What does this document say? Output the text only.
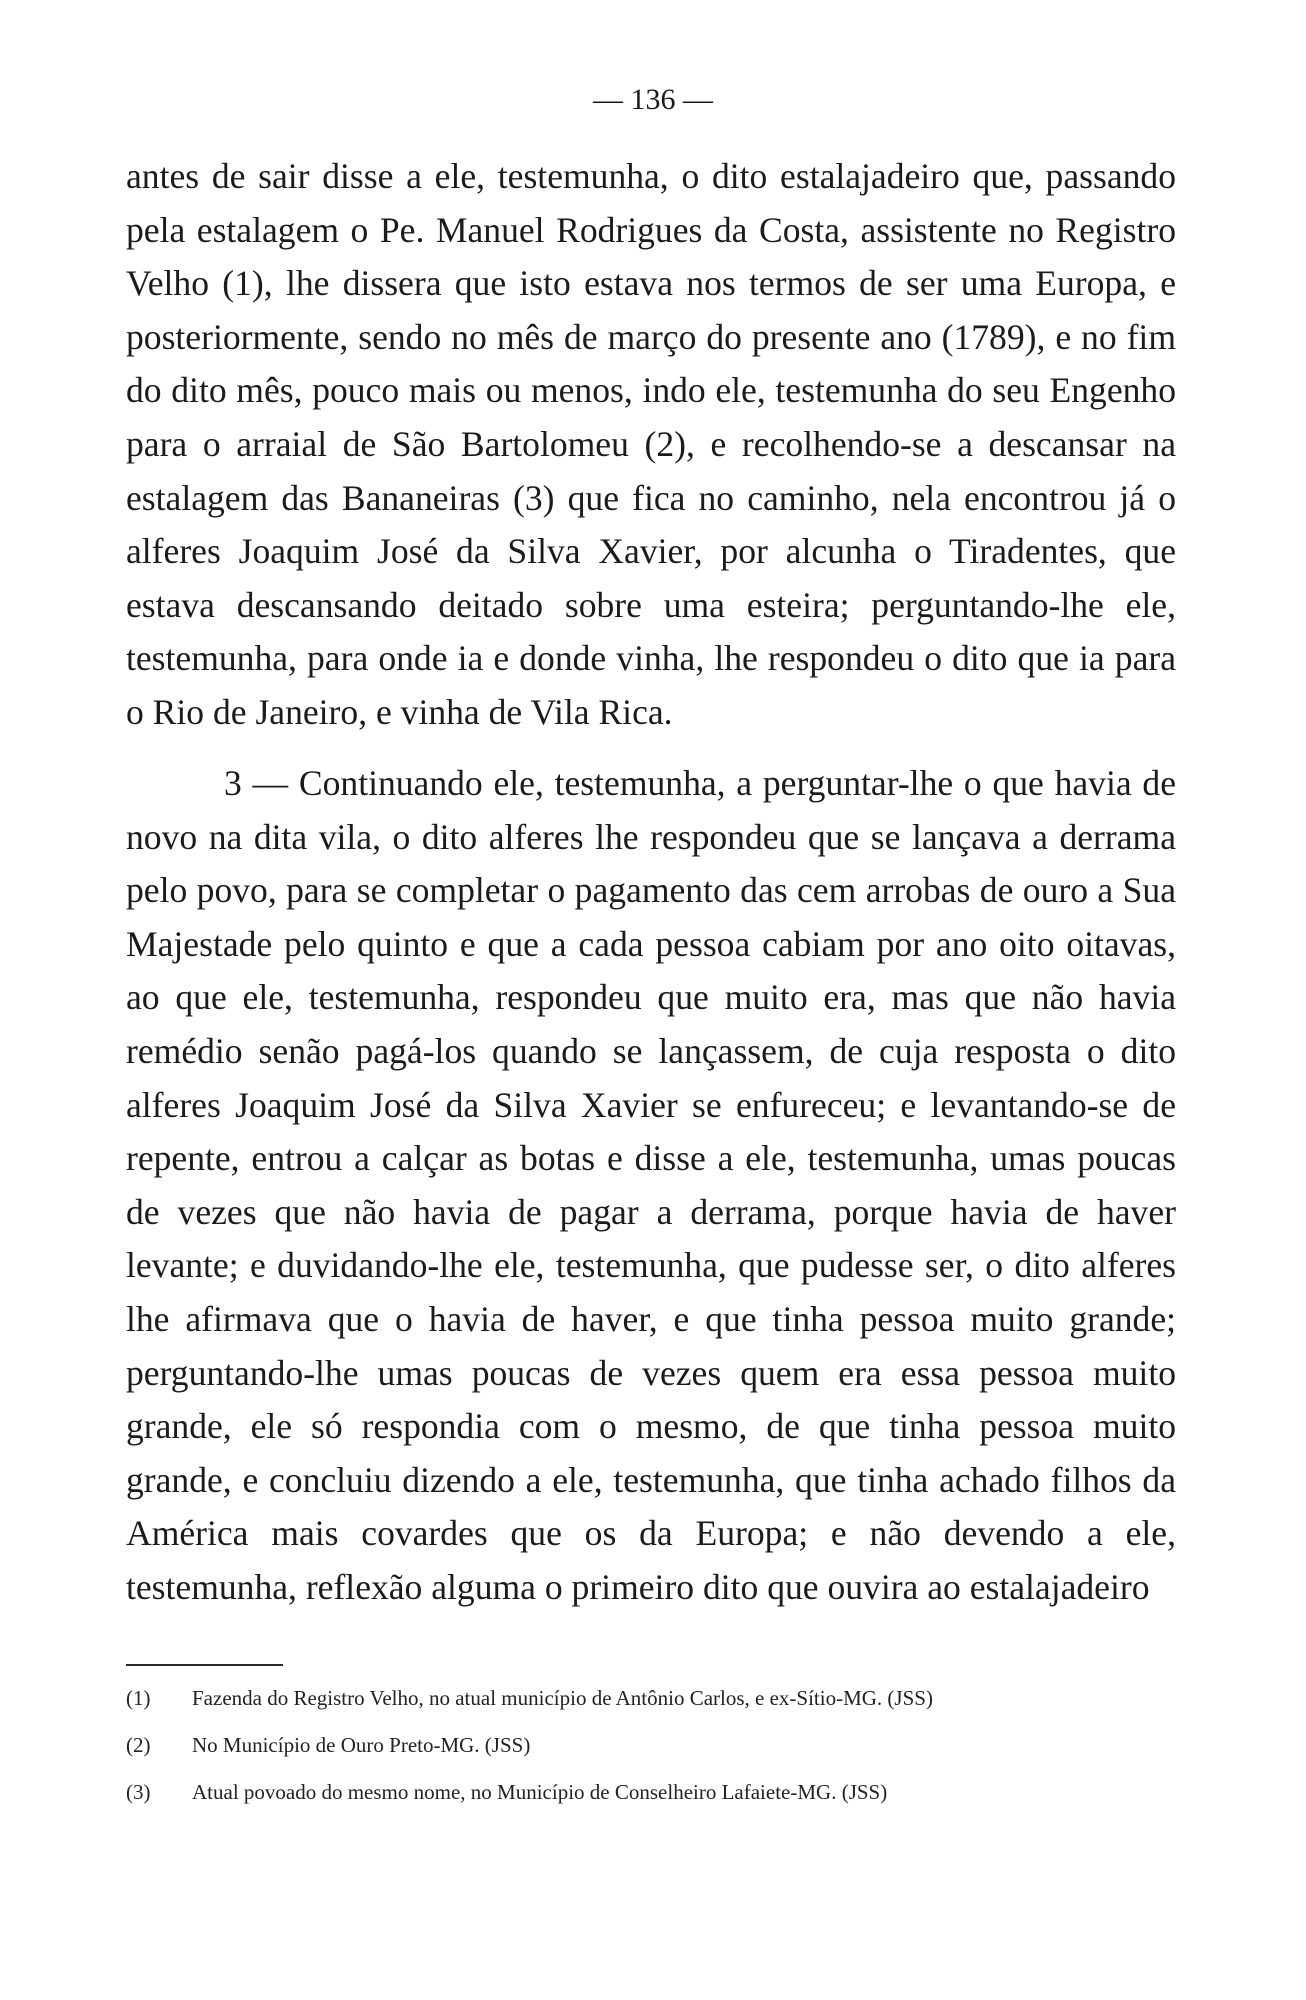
— 136 —

antes de sair disse a ele, testemunha, o dito estalajadeiro que, passando pela estalagem o Pe. Manuel Rodrigues da Costa, assistente no Registro Velho (1), lhe dissera que isto estava nos termos de ser uma Europa, e posteriormente, sendo no mês de março do presente ano (1789), e no fim do dito mês, pouco mais ou menos, indo ele, testemunha do seu Engenho para o arraial de São Bartolomeu (2), e recolhendo-se a descansar na estalagem das Bananeiras (3) que fica no caminho, nela encontrou já o alferes Joaquim José da Silva Xavier, por alcunha o Tiradentes, que estava descansando deitado sobre uma esteira; perguntando-lhe ele, testemunha, para onde ia e donde vinha, lhe respondeu o dito que ia para o Rio de Janeiro, e vinha de Vila Rica.

3 — Continuando ele, testemunha, a perguntar-lhe o que havia de novo na dita vila, o dito alferes lhe respondeu que se lançava a derrama pelo povo, para se completar o pagamento das cem arrobas de ouro a Sua Majestade pelo quinto e que a cada pessoa cabiam por ano oito oitavas, ao que ele, testemunha, respondeu que muito era, mas que não havia remédio senão pagá-los quando se lançassem, de cuja resposta o dito alferes Joaquim José da Silva Xavier se enfureceu; e levantando-se de repente, entrou a calçar as botas e disse a ele, testemunha, umas poucas de vezes que não havia de pagar a derrama, porque havia de haver levante; e duvidando-lhe ele, testemunha, que pudesse ser, o dito alferes lhe afirmava que o havia de haver, e que tinha pessoa muito grande; perguntando-lhe umas poucas de vezes quem era essa pessoa muito grande, ele só respondia com o mesmo, de que tinha pessoa muito grande, e concluiu dizendo a ele, testemunha, que tinha achado filhos da América mais covardes que os da Europa; e não devendo a ele, testemunha, reflexão alguma o primeiro dito que ouvira ao estalajadeiro

(1)	Fazenda do Registro Velho, no atual município de Antônio Carlos, e ex-Sítio-MG. (JSS)
(2)	No Município de Ouro Preto-MG. (JSS)
(3)	Atual povoado do mesmo nome, no Município de Conselheiro Lafaiete-MG. (JSS)
